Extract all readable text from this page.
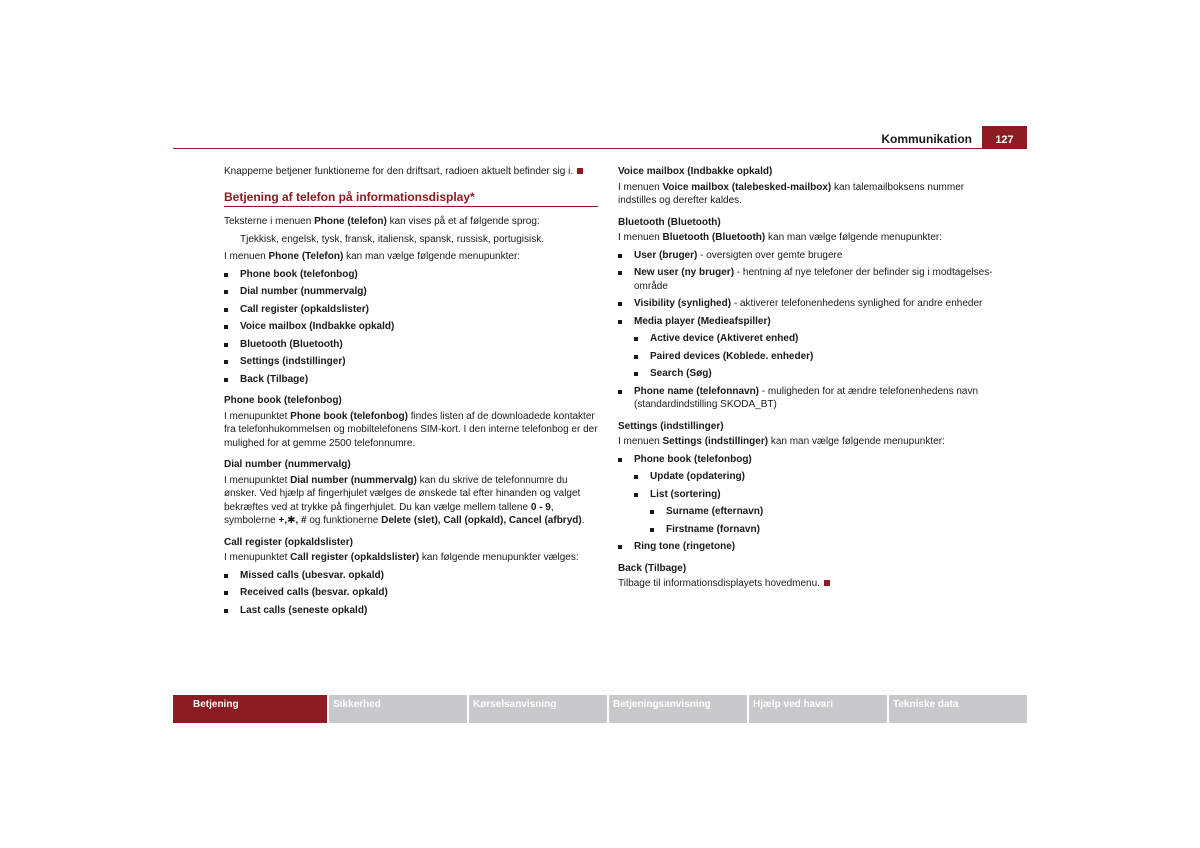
Kommunikation	127

Knapperne betjener funktionerne for den driftsart, radioen aktuelt befinder sig i.

Betjening af telefon på informationsdisplay*

Teksterne i menuen Phone (telefon) kan vises på et af følgende sprog:

Tjekkisk, engelsk, tysk, fransk, italiensk, spansk, russisk, portugisisk.

I menuen Phone (Telefon) kan man vælge følgende menupunkter:

Phone book (telefonbog)
Dial number (nummervalg)
Call register (opkaldslister)
Voice mailbox (Indbakke opkald)
Bluetooth (Bluetooth)
Settings (indstillinger)
Back (Tilbage)
Phone book (telefonbog)

I menupunktet Phone book (telefonbog) findes listen af de downloadede kontakter fra telefonhukommelsen og mobiltelefonens SIM-kort. I den interne telefonbog er der mulighed for at gemme 2500 telefonnumre.

Dial number (nummervalg)

I menupunktet Dial number (nummervalg) kan du skrive de telefonnumre du ønsker. Ved hjælp af fingerhjulet vælges de ønskede tal efter hinanden og valget bekræftes ved at trykke på fingerhjulet. Du kan vælge mellem tallene 0 - 9, symbolerne +,✱, # og funktionerne Delete (slet), Call (opkald), Cancel (afbryd).

Call register (opkaldslister)

I menupunktet Call register (opkaldslister) kan følgende menupunkter vælges:

Missed calls (ubesvar. opkald)
Received calls (besvar. opkald)
Last calls (seneste opkald)
Voice mailbox (Indbakke opkald)

I menuen Voice mailbox (talebesked-mailbox) kan talemailboksens nummer indstilles og derefter kaldes.

Bluetooth (Bluetooth)

I menuen Bluetooth (Bluetooth) kan man vælge følgende menupunkter:

User (bruger) - oversigten over gemte brugere
New user (ny bruger) - hentning af nye telefoner der befinder sig i modtagelses-område
Visibility (synlighed) - aktiverer telefonenhedens synlighed for andre enheder
Media player (Medieafspiller)
Active device (Aktiveret enhed)
Paired devices (Koblede. enheder)
Search (Søg)
Phone name (telefonnavn) - muligheden for at ændre telefonenhedens navn (standardindstilling SKODA_BT)
Settings (indstillinger)

I menuen Settings (indstillinger) kan man vælge følgende menupunkter:

Phone book (telefonbog)
Update (opdatering)
List (sortering)
Surname (efternavn)
Firstname (fornavn)
Ring tone (ringetone)
Back (Tilbage)

Tilbage til informationsdisplayets hovedmenu.

Betjening	Sikkerhed	Kørselsanvisning	Betjeningsanvisning	Hjælp ved havari	Tekniske data
